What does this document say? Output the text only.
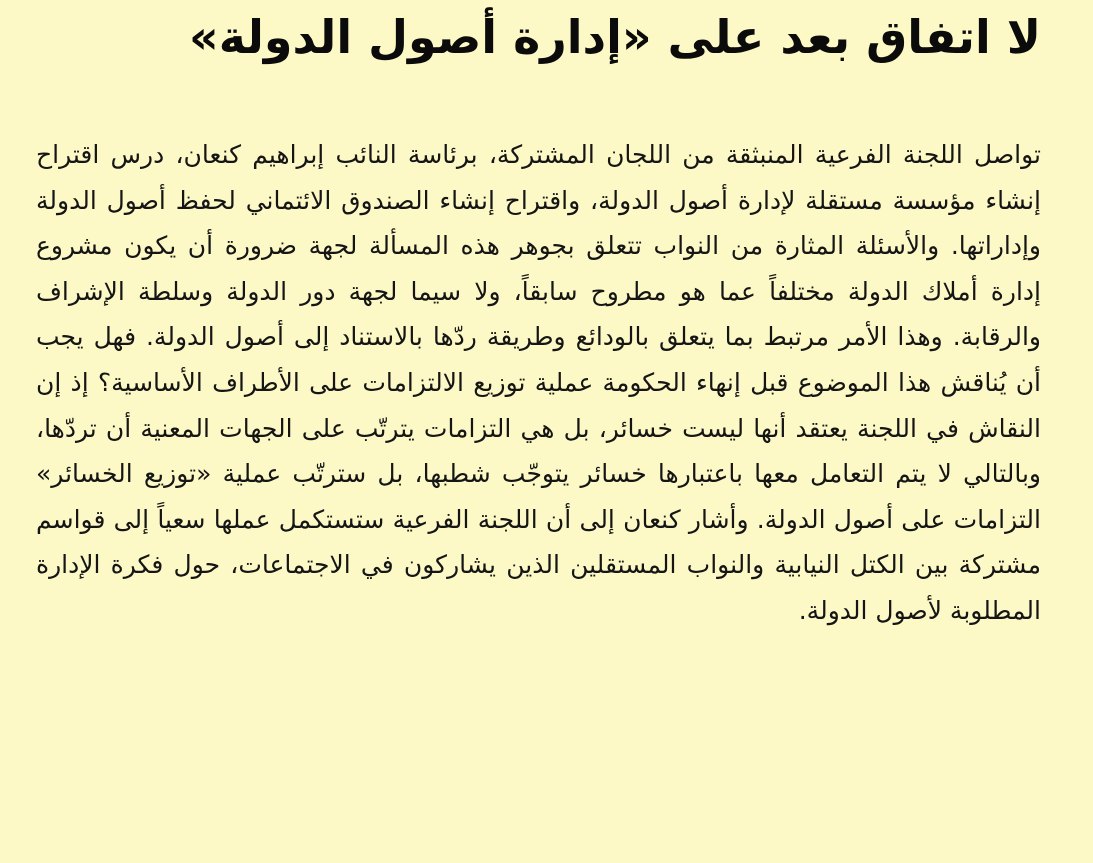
لا اتفاق بعد على «إدارة أصول الدولة»

تواصل اللجنة الفرعية المنبثقة من اللجان المشتركة، برئاسة النائب إبراهيم كنعان، درس اقتراح إنشاء مؤسسة مستقلة لإدارة أصول الدولة، واقتراح إنشاء الصندوق الائتماني لحفظ أصول الدولة وإداراتها. والأسئلة المثارة من النواب تتعلق بجوهر هذه المسألة لجهة ضرورة أن يكون مشروع إدارة أملاك الدولة مختلفاً عما هو مطروح سابقاً، ولا سيما لجهة دور الدولة وسلطة الإشراف والرقابة. وهذا الأمر مرتبط بما يتعلق بالودائع وطريقة ردّها بالاستناد إلى أصول الدولة. فهل يجب أن يُناقش هذا الموضوع قبل إنهاء الحكومة عملية توزيع الالتزامات على الأطراف الأساسية؟ إذ إن النقاش في اللجنة يعتقد أنها ليست خسائر، بل هي التزامات يترتّب على الجهات المعنية أن تردّها، وبالتالي لا يتم التعامل معها باعتبارها خسائر يتوجّب شطبها، بل سترتّب عملية «توزيع الخسائر» التزامات على أصول الدولة. وأشار كنعان إلى أن اللجنة الفرعية ستستكمل عملها سعياً إلى قواسم مشتركة بين الكتل النيابية والنواب المستقلين الذين يشاركون في الاجتماعات، حول فكرة الإدارة المطلوبة لأصول الدولة.
